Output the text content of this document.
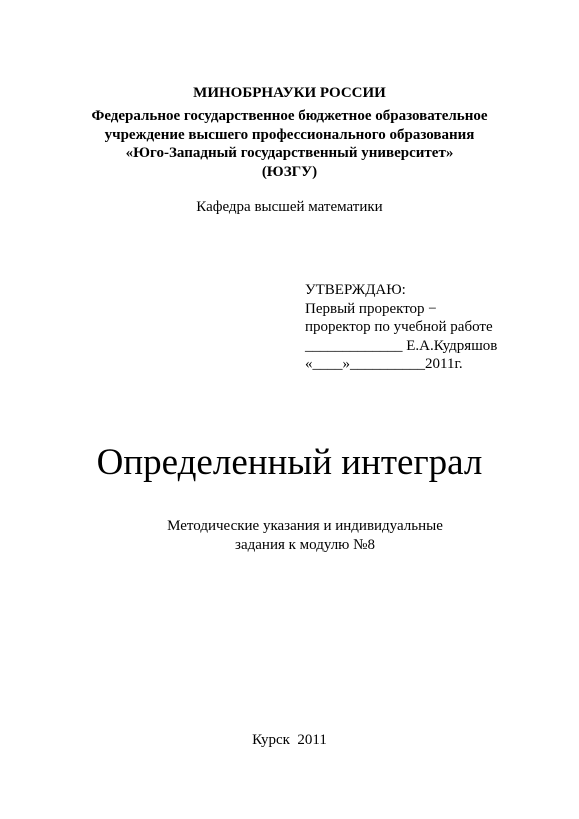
МИНОБРНАУКИ РОССИИ
Федеральное государственное бюджетное образовательное
учреждение высшего профессионального образования
«Юго-Западный государственный университет»
(ЮЗГУ)
Кафедра высшей математики
УТВЕРЖДАЮ:
Первый проректор −
проректор по учебной работе
_____________ Е.А.Кудряшов
«____»__________2011г.
Определенный интеграл
Методические указания и индивидуальные
задания к модулю №8
Курск  2011
